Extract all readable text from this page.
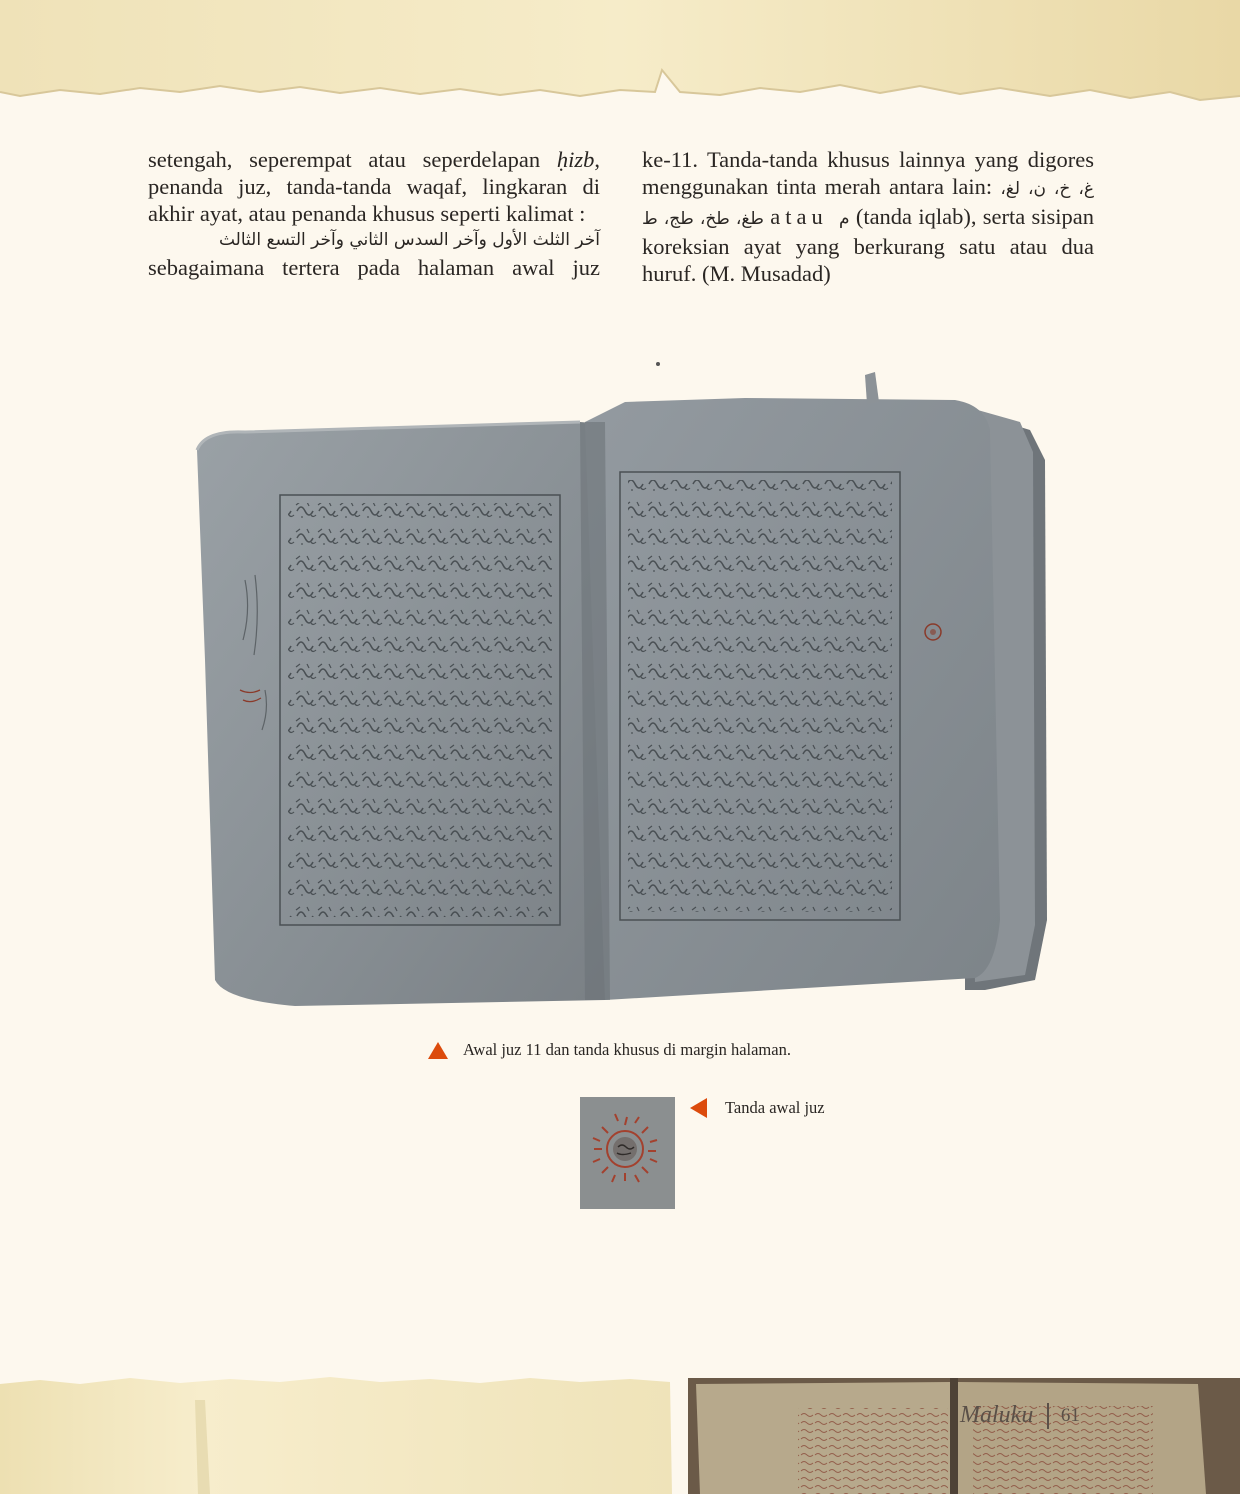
setengah, seperempat atau seperdelapan ḥizb, penanda juz, tanda-tanda waqaf, lingkaran di akhir ayat, atau penanda khusus seperti kalimat :
آخر الثلث الأول وآخر السدس الثاني وآخر التسع الثالث
sebagaimana tertera pada halaman awal juz
ke-11. Tanda-tanda khusus lainnya yang digores menggunakan tinta merah antara lain: غ، خ، ن، لغ، طغ، طخ، طج، ط atau م (tanda iqlab), serta sisipan koreksian ayat yang berkurang satu atau dua huruf. (M. Musadad)
Awal juz 11 dan tanda khusus di margin halaman.
Tanda awal juz
Maluku 61
